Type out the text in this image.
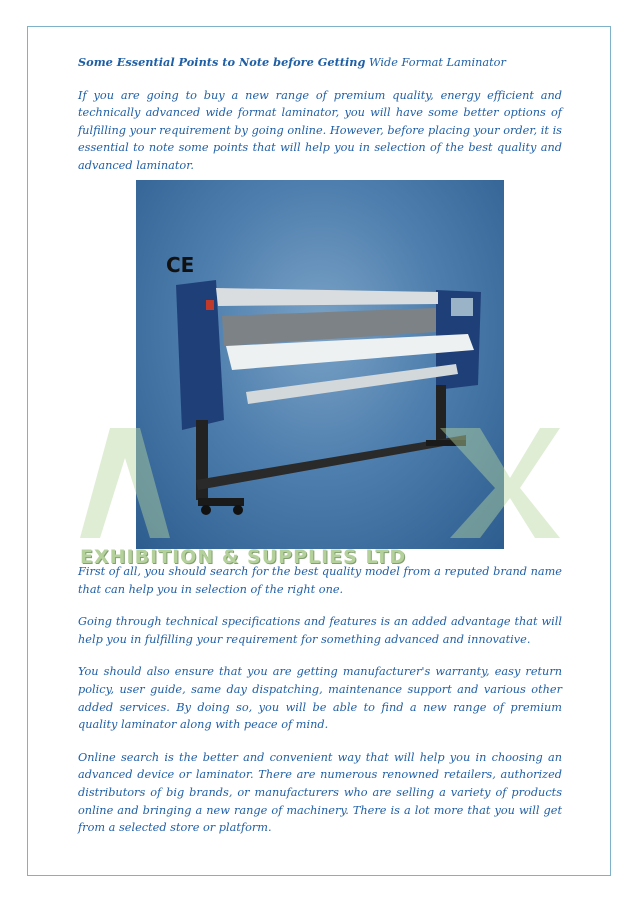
Some Essential Points to Note before Getting Wide Format Laminator

If you are going to buy a new range of premium quality, energy efficient and technically advanced wide format laminator, you will have some better options of fulfilling your requirement by going online. However, before placing your order, it is essential to note some points that will help you in selection of the best quality and advanced laminator.

CE
EXHIBITION & SUPPLIES LTD

First of all, you should search for the best quality model from a reputed brand name that can help you in selection of the right one.

Going through technical specifications and features is an added advantage that will help you in fulfilling your requirement for something advanced and innovative.

You should also ensure that you are getting manufacturer's warranty, easy return policy, user guide, same day dispatching, maintenance support and various other added services. By doing so, you will be able to find a new range of premium quality laminator along with peace of mind.

Online search is the better and convenient way that will help you in choosing an advanced device or laminator. There are numerous renowned retailers, authorized distributors of big brands, or manufacturers who are selling a variety of products online and bringing a new range of machinery. There is a lot more that you will get from a selected store or platform.
